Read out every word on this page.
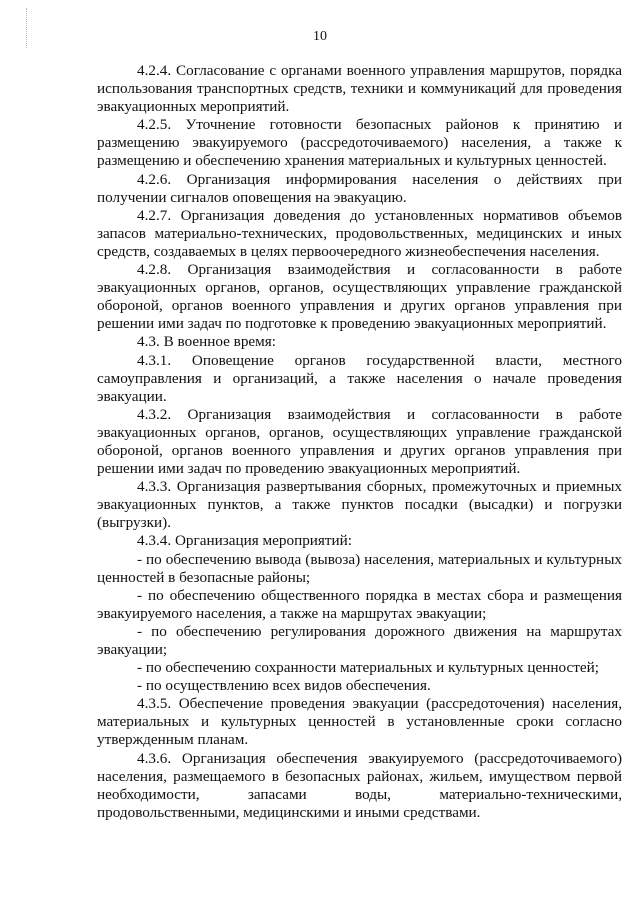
10

4.2.4. Согласование с органами военного управления маршрутов, порядка использования транспортных средств, техники и коммуникаций для проведения эвакуационных мероприятий.

4.2.5. Уточнение готовности безопасных районов к принятию и размещению эвакуируемого (рассредоточиваемого) населения, а также к размещению и обеспечению хранения материальных и культурных ценностей.

4.2.6. Организация информирования населения о действиях при получении сигналов оповещения на эвакуацию.

4.2.7. Организация доведения до установленных нормативов объемов запасов материально-технических, продовольственных, медицинских и иных средств, создаваемых в целях первоочередного жизнеобеспечения населения.

4.2.8. Организация взаимодействия и согласованности в работе эвакуационных органов, органов, осуществляющих управление гражданской обороной, органов военного управления и других органов управления при решении ими задач по подготовке к проведению эвакуационных мероприятий.

4.3. В военное время:

4.3.1. Оповещение органов государственной власти, местного самоуправления и организаций, а также населения о начале проведения эвакуации.

4.3.2. Организация взаимодействия и согласованности в работе эвакуационных органов, органов, осуществляющих управление гражданской обороной, органов военного управления и других органов управления при решении ими задач по проведению эвакуационных мероприятий.

4.3.3. Организация развертывания сборных, промежуточных и приемных эвакуационных пунктов, а также пунктов посадки (высадки) и погрузки (выгрузки).

4.3.4. Организация мероприятий:

- по обеспечению вывода (вывоза) населения, материальных и культурных ценностей в безопасные районы;

- по обеспечению общественного порядка в местах сбора и размещения эвакуируемого населения, а также на маршрутах эвакуации;

- по обеспечению регулирования дорожного движения на маршрутах эвакуации;

- по обеспечению сохранности материальных и культурных ценностей;

- по осуществлению всех видов обеспечения.

4.3.5. Обеспечение проведения эвакуации (рассредоточения) населения, материальных и культурных ценностей в установленные сроки согласно утвержденным планам.

4.3.6. Организация обеспечения эвакуируемого (рассредоточиваемого) населения, размещаемого в безопасных районах, жильем, имуществом первой необходимости, запасами воды, материально-техническими, продовольственными, медицинскими и иными средствами.
